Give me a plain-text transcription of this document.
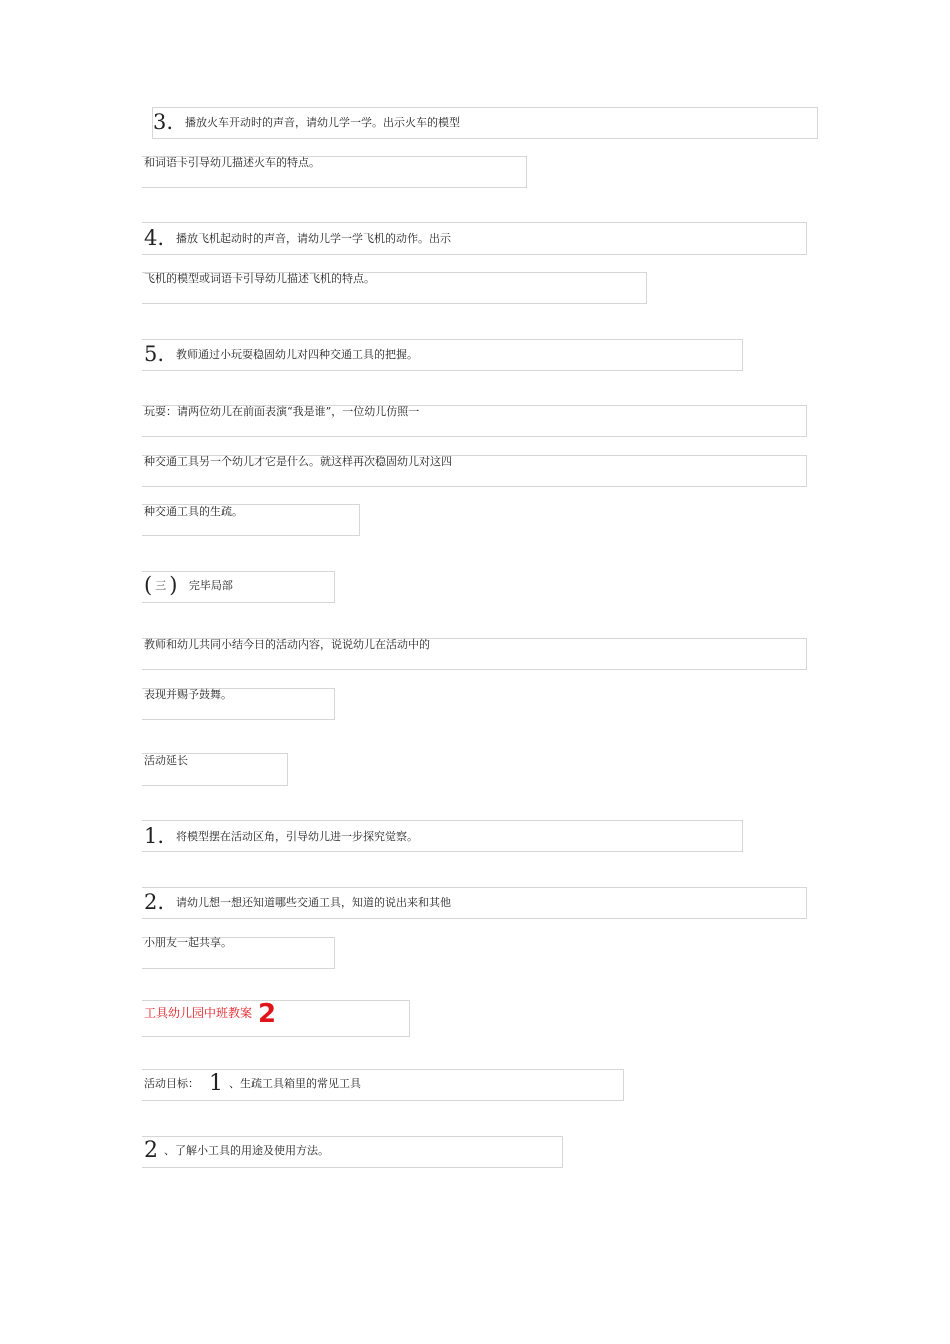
3. 播放火车开动时的声音，请幼儿学一学。出示火车的模型
和词语卡引导幼儿描述火车的特点。
4. 播放飞机起动时的声音，请幼儿学一学飞机的动作。出示
飞机的模型或词语卡引导幼儿描述飞机的特点。
5. 教师通过小玩耍稳固幼儿对四种交通工具的把握。
玩耍：请两位幼儿在前面表演“我是谁”，一位幼儿仿照一
种交通工具另一个幼儿才它是什么。就这样再次稳固幼儿对这四
种交通工具的生疏。
( 三 ) 完毕局部
教师和幼儿共同小结今日的活动内容，说说幼儿在活动中的
表现并赐予鼓舞。
活动延长
1. 将模型摆在活动区角，引导幼儿进一步探究觉察。
2. 请幼儿想一想还知道哪些交通工具，知道的说出来和其他
小朋友一起共享。
工具幼儿园中班教案 2
活动目标： 1 、生疏工具箱里的常见工具
2 、了解小工具的用途及使用方法。
